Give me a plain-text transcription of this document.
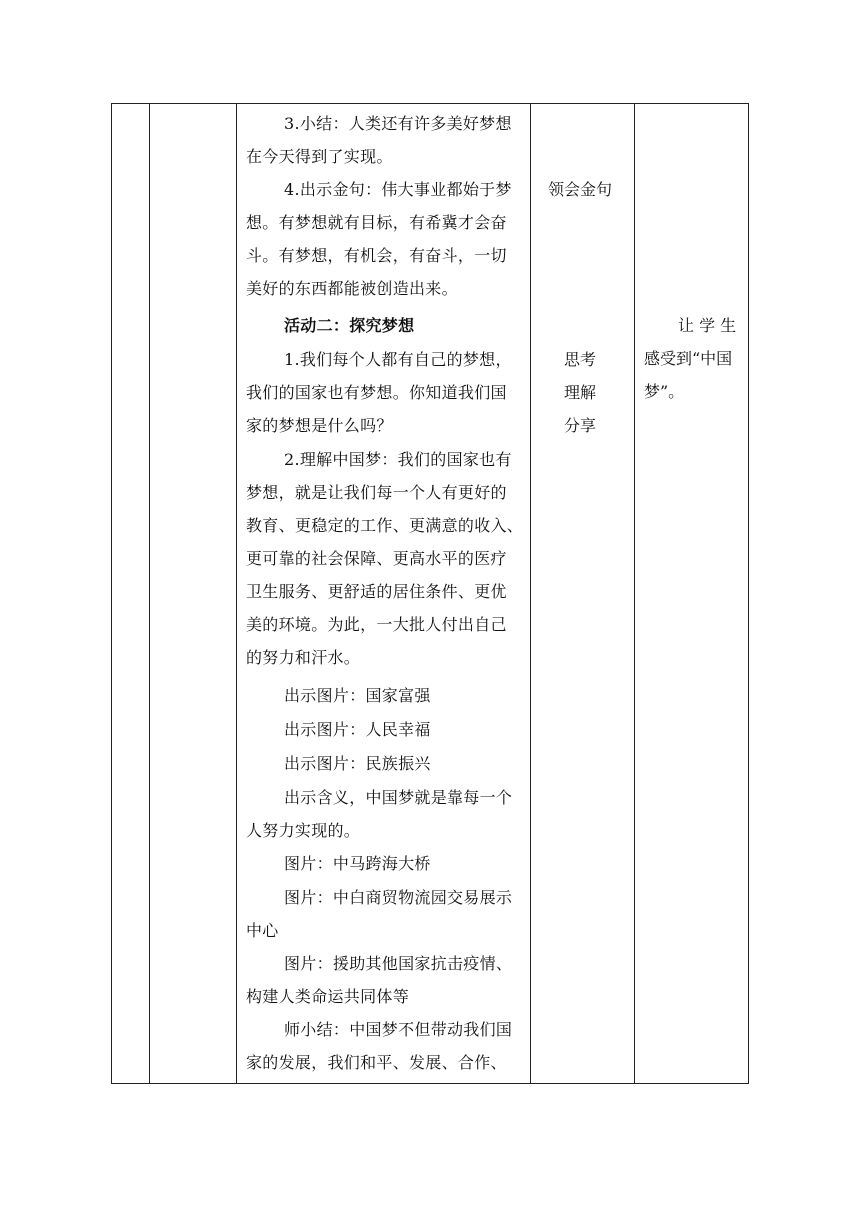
3.小结：人类还有许多美好梦想
在今天得到了实现。
4.出示金句：伟大事业都始于梦
想。有梦想就有目标，有希冀才会奋
斗。有梦想，有机会，有奋斗，一切
美好的东西都能被创造出来。
活动二：探究梦想
1.我们每个人都有自己的梦想，
我们的国家也有梦想。你知道我们国
家的梦想是什么吗？
2.理解中国梦：我们的国家也有
梦想，就是让我们每一个人有更好的
教育、更稳定的工作、更满意的收入、
更可靠的社会保障、更高水平的医疗
卫生服务、更舒适的居住条件、更优
美的环境。为此，一大批人付出自己
的努力和汗水。
出示图片：国家富强
出示图片：人民幸福
出示图片：民族振兴
出示含义，中国梦就是靠每一个
人努力实现的。
图片：中马跨海大桥
图片：中白商贸物流园交易展示
中心
图片：援助其他国家抗击疫情、
构建人类命运共同体等
师小结：中国梦不但带动我们国
家的发展，我们和平、发展、合作、
领会金句
思考
理解
分享
让 学 生
感受到“中国
梦”。
